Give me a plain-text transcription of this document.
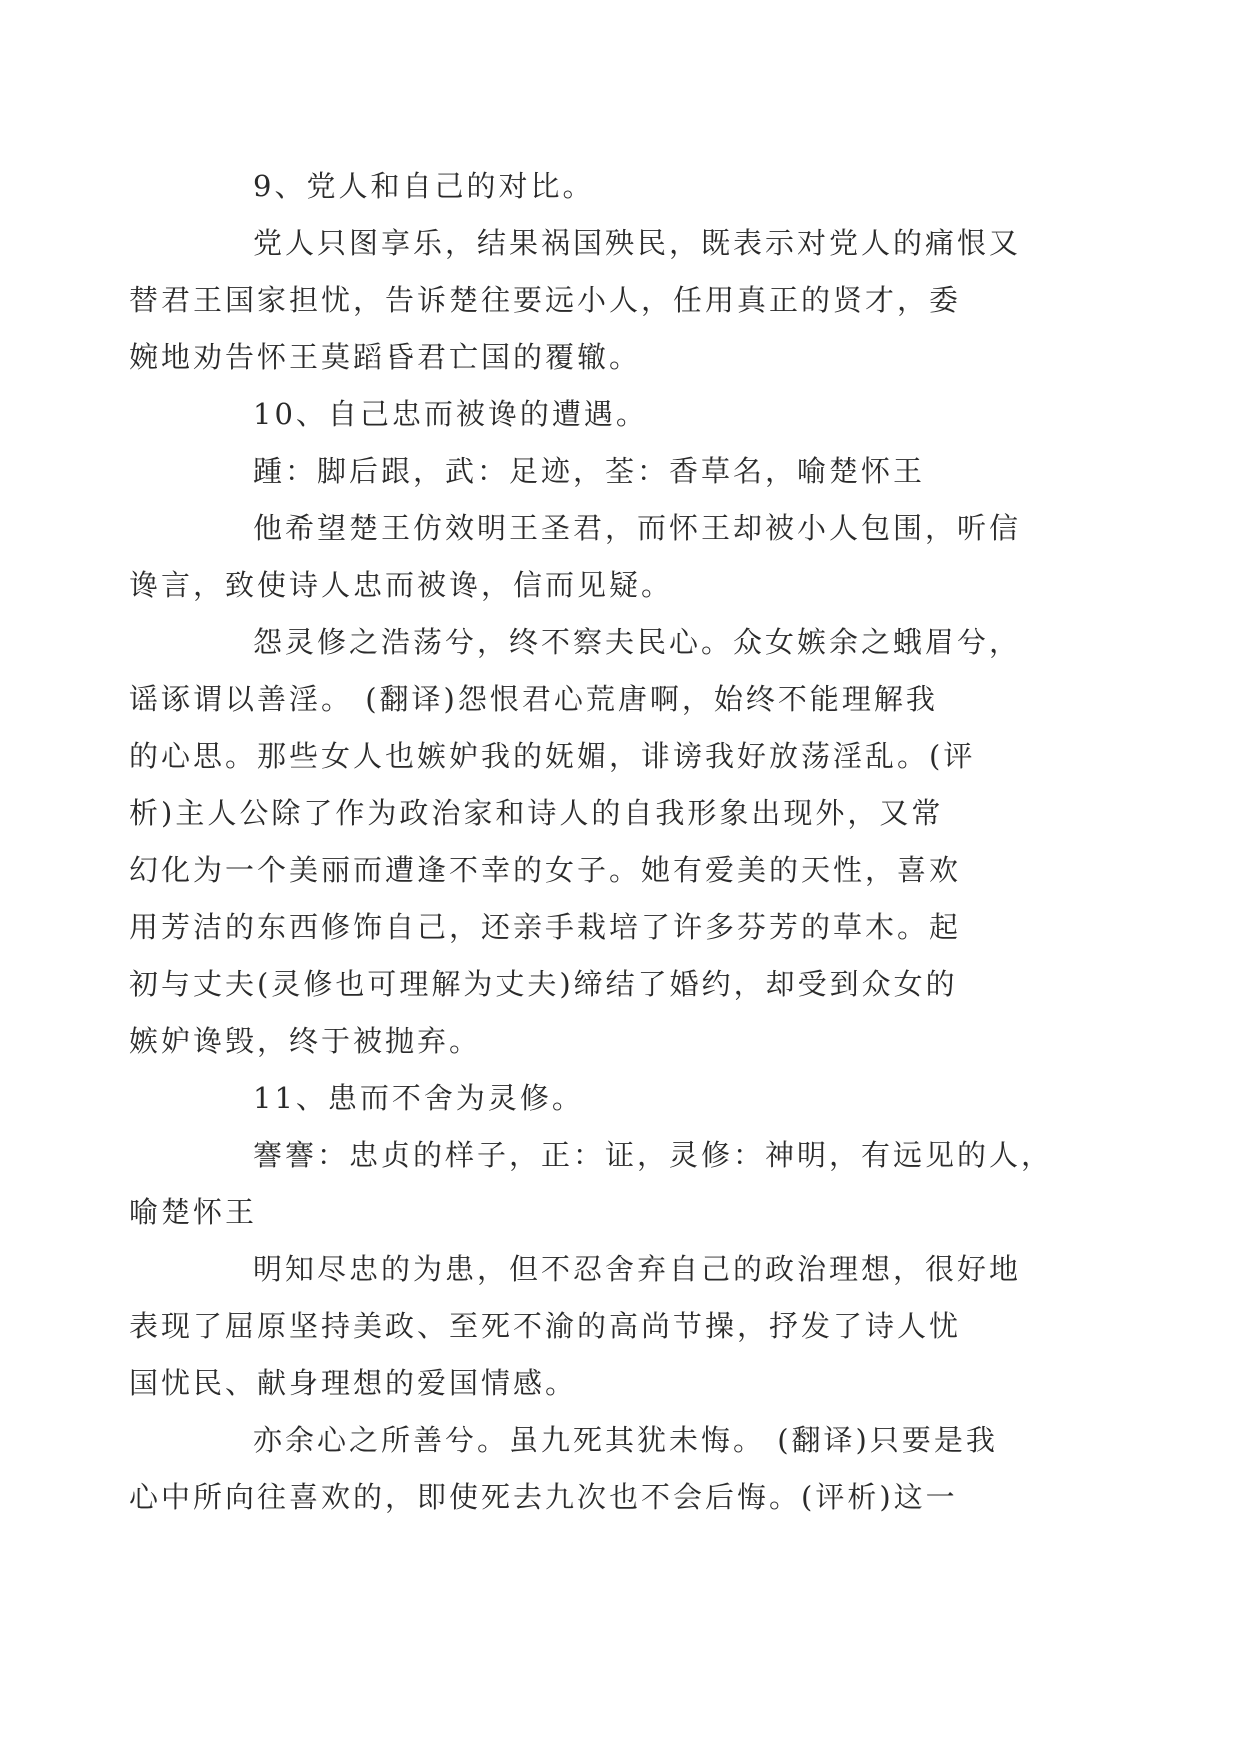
9、党人和自己的对比。

党人只图享乐，结果祸国殃民，既表示对党人的痛恨又
替君王国家担忧，告诉楚往要远小人，任用真正的贤才，委
婉地劝告怀王莫蹈昏君亡国的覆辙。

10、自己忠而被谗的遭遇。

踵：脚后跟，武：足迹，荃：香草名，喻楚怀王

他希望楚王仿效明王圣君，而怀王却被小人包围，听信
谗言，致使诗人忠而被谗，信而见疑。

怨灵修之浩荡兮，终不察夫民心。众女嫉余之蛾眉兮，
谣诼谓以善淫。 (翻译)怨恨君心荒唐啊，始终不能理解我
的心思。那些女人也嫉妒我的妩媚，诽谤我好放荡淫乱。(评
析)主人公除了作为政治家和诗人的自我形象出现外，又常
幻化为一个美丽而遭逢不幸的女子。她有爱美的天性，喜欢
用芳洁的东西修饰自己，还亲手栽培了许多芬芳的草木。起
初与丈夫(灵修也可理解为丈夫)缔结了婚约，却受到众女的
嫉妒谗毁，终于被抛弃。

11、患而不舍为灵修。

謇謇：忠贞的样子，正：证，灵修：神明，有远见的人，
喻楚怀王

明知尽忠的为患，但不忍舍弃自己的政治理想，很好地
表现了屈原坚持美政、至死不渝的高尚节操，抒发了诗人忧
国忧民、献身理想的爱国情感。

亦余心之所善兮。虽九死其犹未悔。 (翻译)只要是我
心中所向往喜欢的，即使死去九次也不会后悔。(评析)这一
